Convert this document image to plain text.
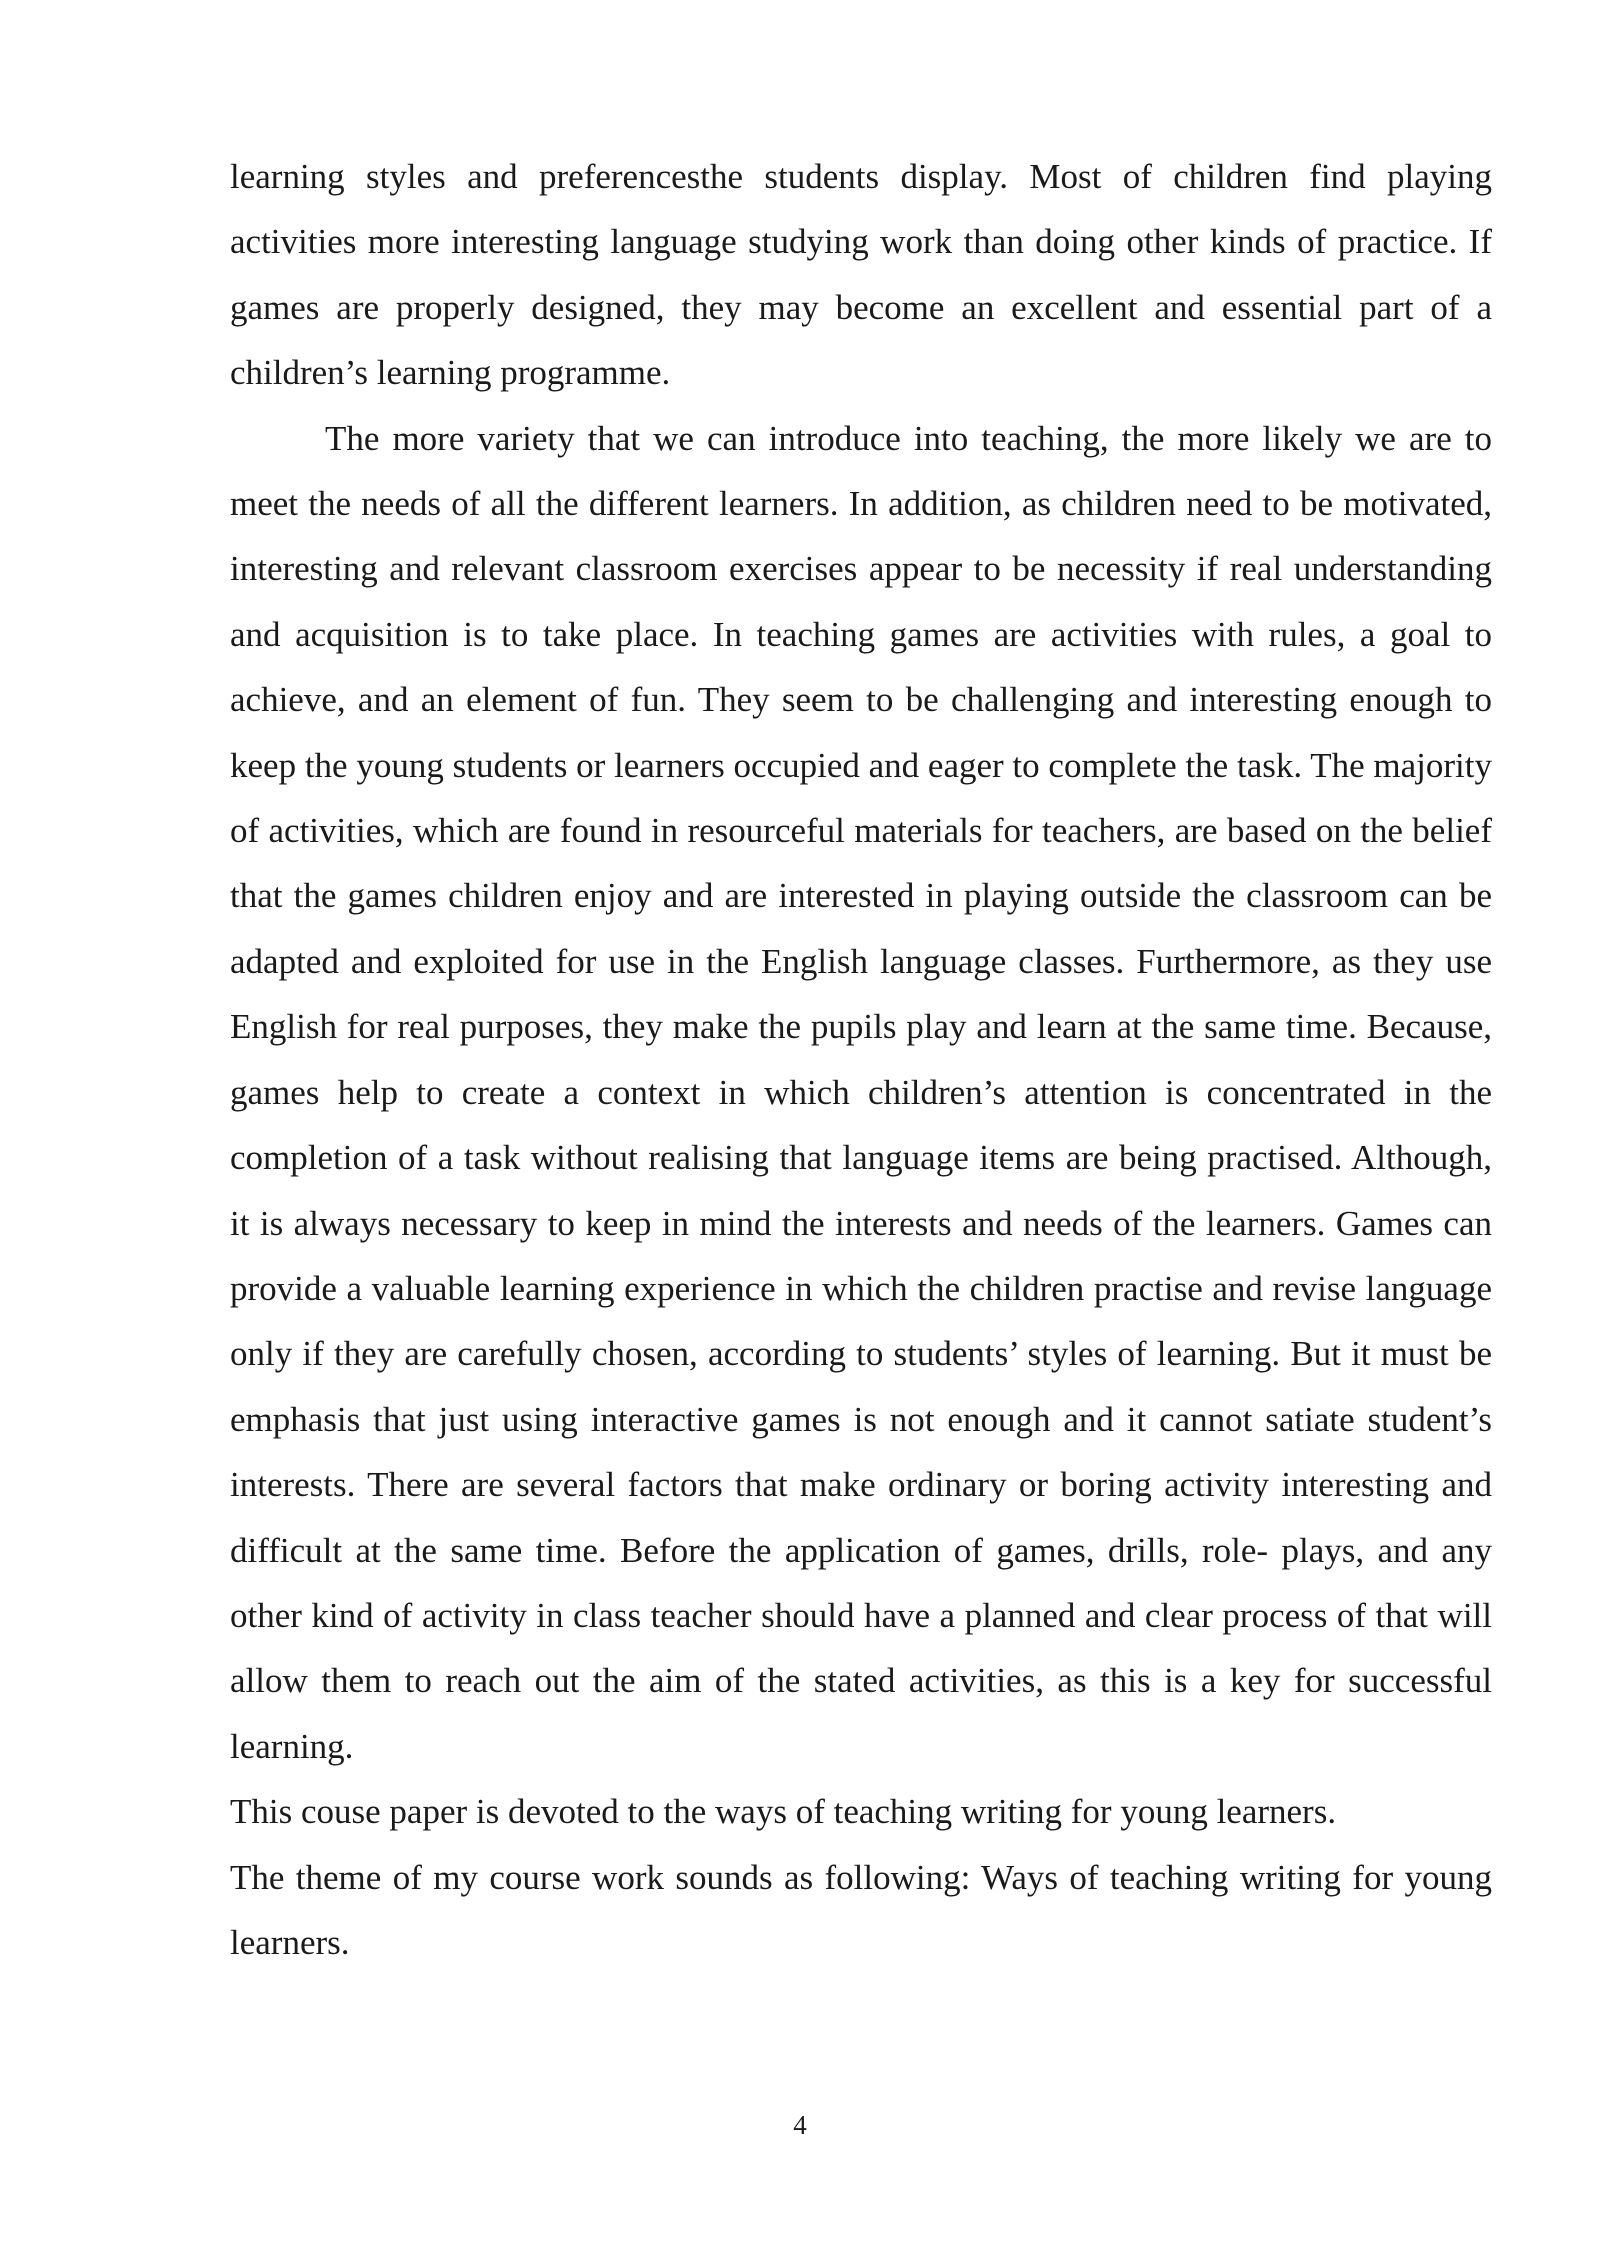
learning styles and preferencesthe students display. Most of children find playing activities more interesting language studying work than doing other kinds of practice. If games are properly designed, they may become an excellent and essential part of a children’s learning programme.

The more variety that we can introduce into teaching, the more likely we are to meet the needs of all the different learners. In addition, as children need to be motivated, interesting and relevant classroom exercises appear to be necessity if real understanding and acquisition is to take place. In teaching games are activities with rules, a goal to achieve, and an element of fun. They seem to be challenging and interesting enough to keep the young students or learners occupied and eager to complete the task. The majority of activities, which are found in resourceful materials for teachers, are based on the belief that the games children enjoy and are interested in playing outside the classroom can be adapted and exploited for use in the English language classes. Furthermore, as they use English for real purposes, they make the pupils play and learn at the same time. Because, games help to create a context in which children’s attention is concentrated in the completion of a task without realising that language items are being practised. Although, it is always necessary to keep in mind the interests and needs of the learners. Games can provide a valuable learning experience in which the children practise and revise language only if they are carefully chosen, according to students’ styles of learning. But it must be emphasis that just using interactive games is not enough and it cannot satiate student’s interests. There are several factors that make ordinary or boring activity interesting and difficult at the same time. Before the application of games, drills, role- plays, and any other kind of activity in class teacher should have a planned and clear process of that will allow them to reach out the aim of the stated activities, as this is a key for successful learning.

This couse paper is devoted to the ways of teaching writing for young learners.

The theme of my course work sounds as following: Ways of teaching writing for young learners.

4
